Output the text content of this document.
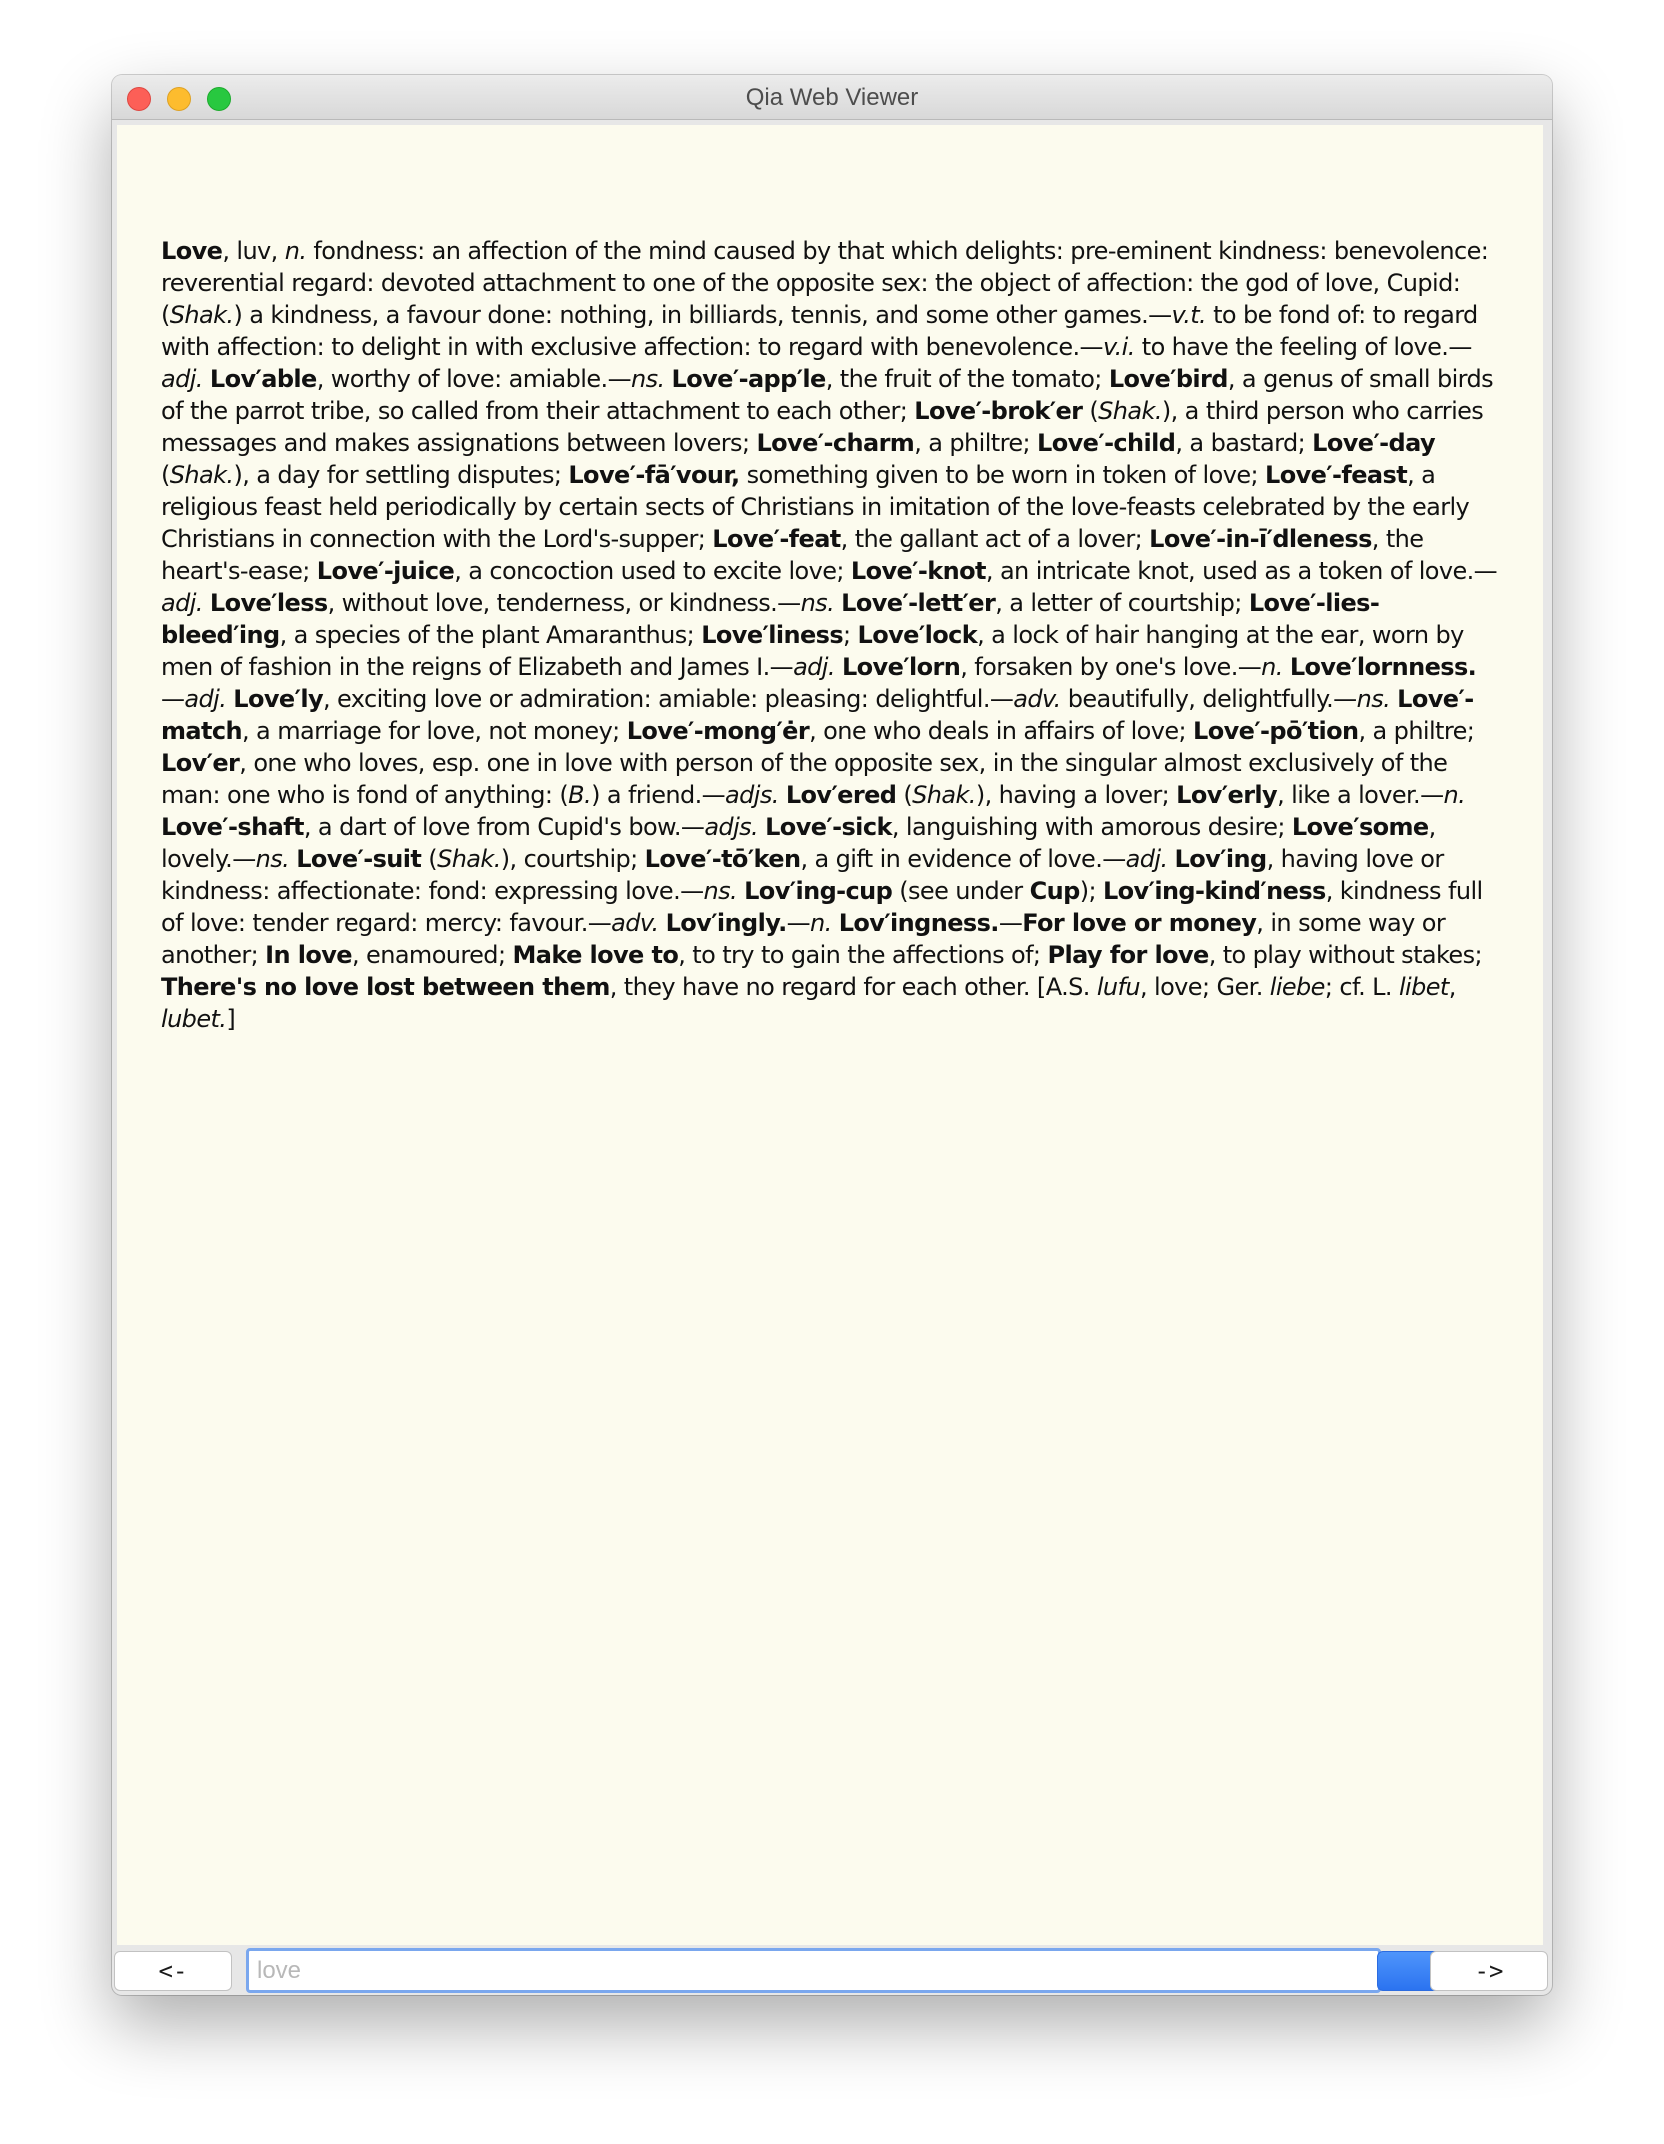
Qia Web Viewer

Love, luv, n. fondness: an affection of the mind caused by that which delights: pre-eminent kindness: benevolence: reverential regard: devoted attachment to one of the opposite sex: the object of affection: the god of love, Cupid: (Shak.) a kindness, a favour done: nothing, in billiards, tennis, and some other games.—v.t. to be fond of: to regard with affection: to delight in with exclusive affection: to regard with benevolence.—v.i. to have the feeling of love.—adj. Lov′able, worthy of love: amiable.—ns. Love′-app′le, the fruit of the tomato; Love′bird, a genus of small birds of the parrot tribe, so called from their attachment to each other; Love′-brok′er (Shak.), a third person who carries messages and makes assignations between lovers; Love′-charm, a philtre; Love′-child, a bastard; Love′-day (Shak.), a day for settling disputes; Love′-fā′vour, something given to be worn in token of love; Love′-feast, a religious feast held periodically by certain sects of Christians in imitation of the love-feasts celebrated by the early Christians in connection with the Lord's-supper; Love′-feat, the gallant act of a lover; Love′-in-ī′dleness, the heart's-ease; Love′-juice, a concoction used to excite love; Love′-knot, an intricate knot, used as a token of love.—adj. Love′less, without love, tenderness, or kindness.—ns. Love′-lett′er, a letter of courtship; Love′-lies-bleed′ing, a species of the plant Amaranthus; Love′liness; Love′lock, a lock of hair hanging at the ear, worn by men of fashion in the reigns of Elizabeth and James I.—adj. Love′lorn, forsaken by one's love.—n. Love′lornness.—adj. Love′ly, exciting love or admiration: amiable: pleasing: delightful.—adv. beautifully, delightfully.—ns. Love′-match, a marriage for love, not money; Love′-mong′ėr, one who deals in affairs of love; Love′-pō′tion, a philtre; Lov′er, one who loves, esp. one in love with person of the opposite sex, in the singular almost exclusively of the man: one who is fond of anything: (B.) a friend.—adjs. Lov′ered (Shak.), having a lover; Lov′erly, like a lover.—n. Love′-shaft, a dart of love from Cupid's bow.—adjs. Love′-sick, languishing with amorous desire; Love′some, lovely.—ns. Love′-suit (Shak.), courtship; Love′-tō′ken, a gift in evidence of love.—adj. Lov′ing, having love or kindness: affectionate: fond: expressing love.—ns. Lov′ing-cup (see under Cup); Lov′ing-kind′ness, kindness full of love: tender regard: mercy: favour.—adv. Lov′ingly.—n. Lov′ingness.—For love or money, in some way or another; In love, enamoured; Make love to, to try to gain the affections of; Play for love, to play without stakes; There's no love lost between them, they have no regard for each other. [A.S. lufu, love; Ger. liebe; cf. L. libet, lubet.]

<-
love	->
